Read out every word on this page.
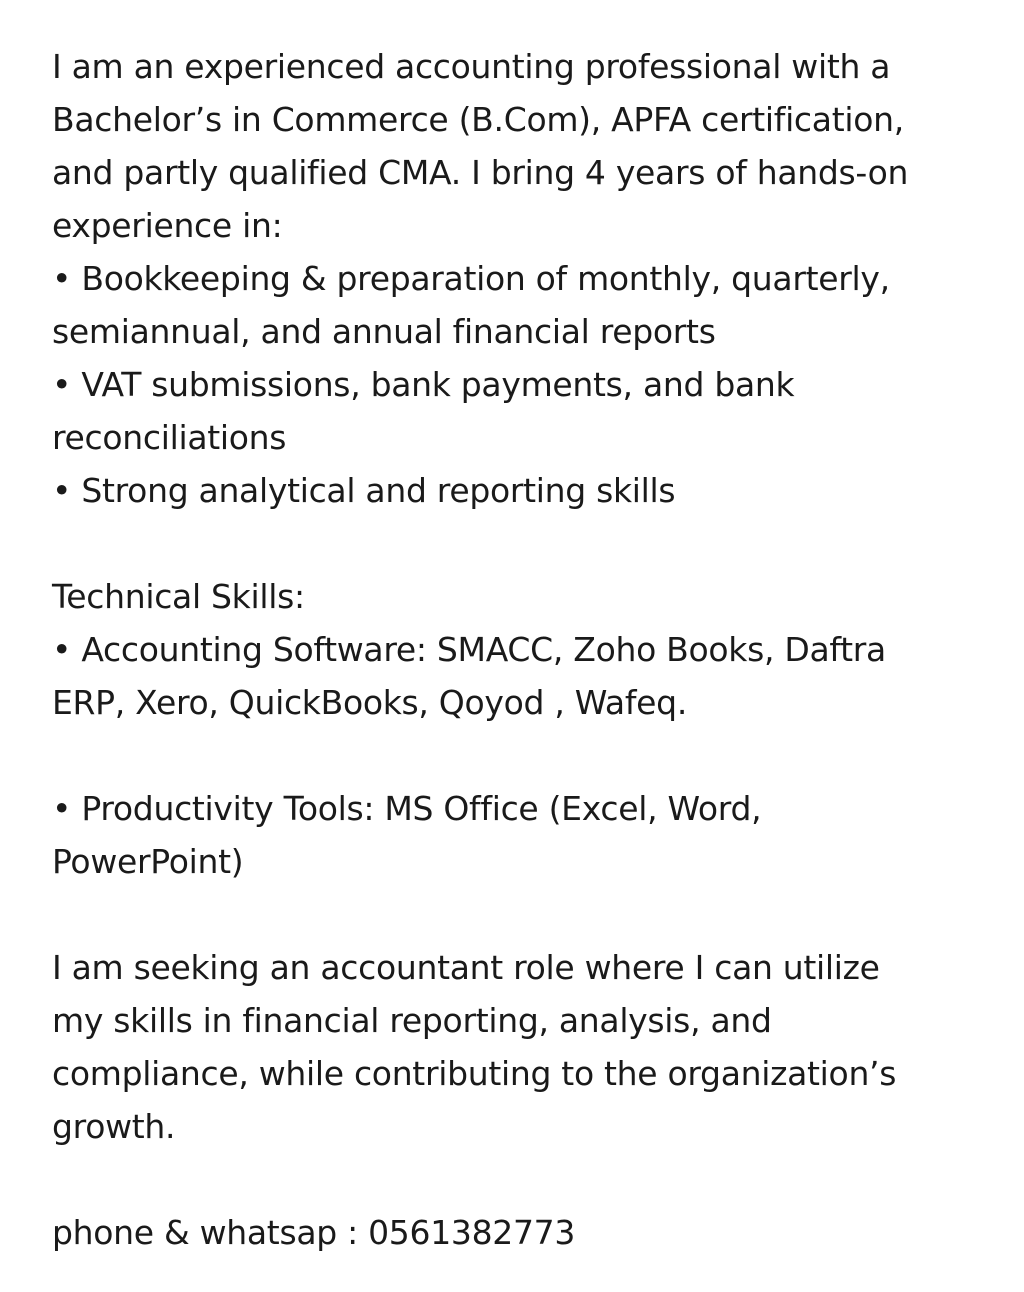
I am an experienced accounting professional with a
Bachelor’s in Commerce (B.Com), APFA certification,
and partly qualified CMA. I bring 4 years of hands-on
experience in:
• Bookkeeping & preparation of monthly, quarterly,
semiannual, and annual financial reports
• VAT submissions, bank payments, and bank
reconciliations
• Strong analytical and reporting skills
Technical Skills:
• Accounting Software: SMACC, Zoho Books, Daftra
ERP, Xero, QuickBooks, Qoyod , Wafeq.
• Productivity Tools: MS Office (Excel, Word,
PowerPoint)
I am seeking an accountant role where I can utilize
my skills in financial reporting, analysis, and
compliance, while contributing to the organization’s
growth.
phone & whatsap : 0561382773
